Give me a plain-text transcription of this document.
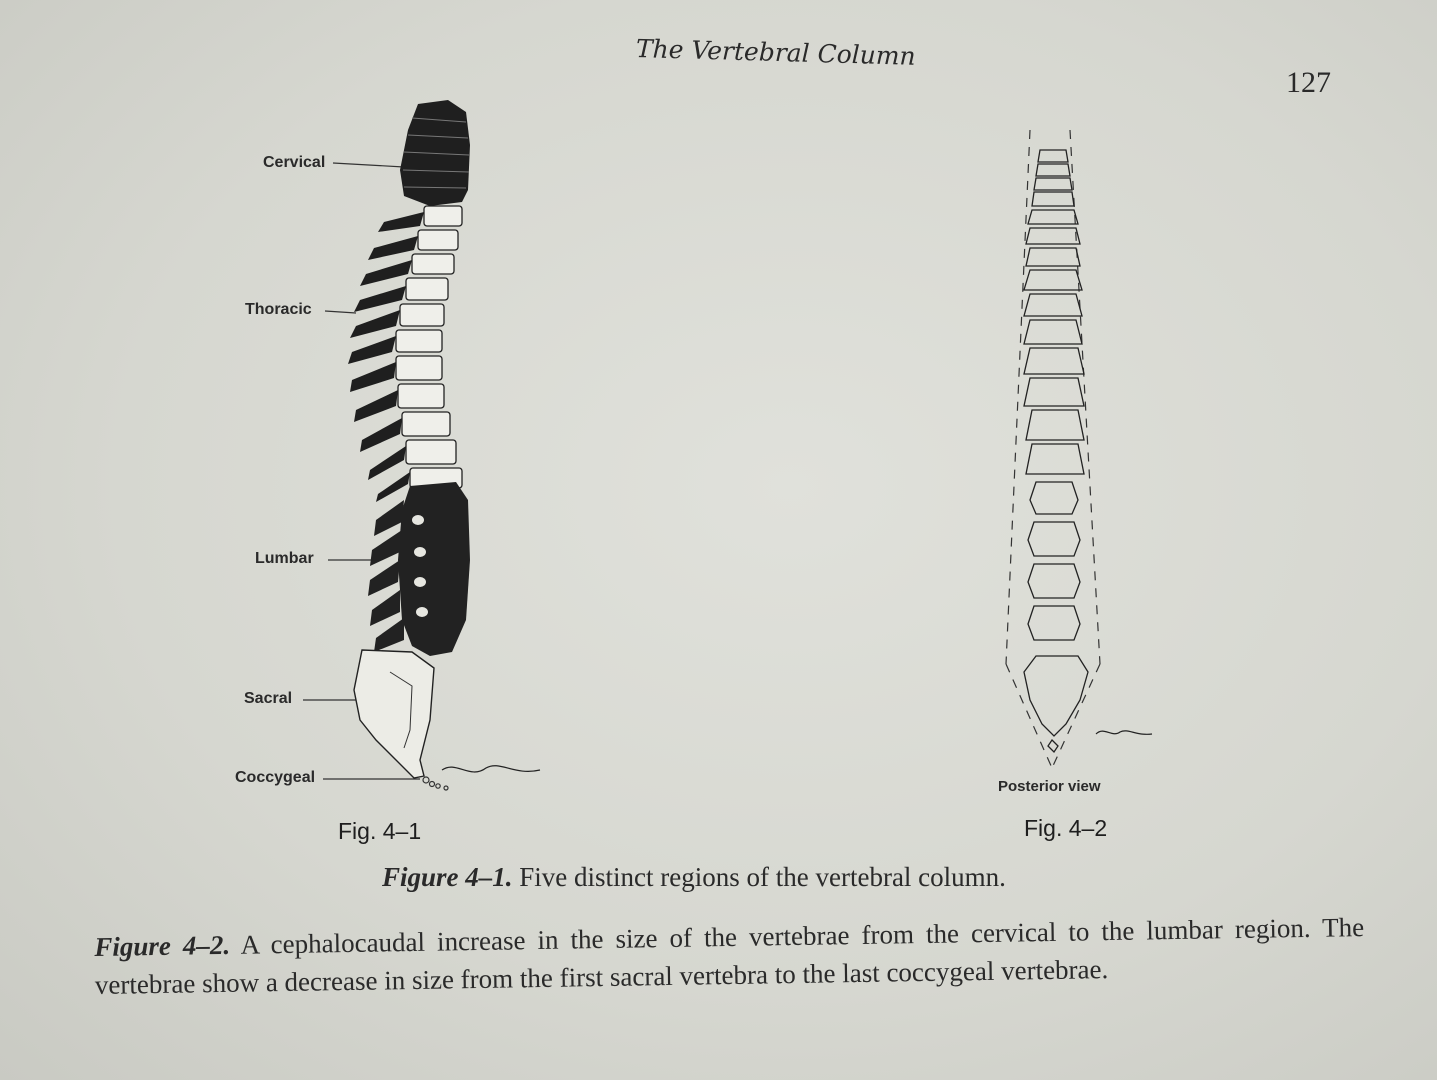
The Vertebral Column
127
Cervical
Thoracic
Lumbar
Sacral
Coccygeal
Fig. 4–1
Posterior view
Fig. 4–2
Figure 4–1. Five distinct regions of the vertebral column.
Figure 4–2. A cephalocaudal increase in the size of the vertebrae from the cervical to the lumbar region. The vertebrae show a decrease in size from the first sacral vertebra to the last coccygeal vertebrae.
